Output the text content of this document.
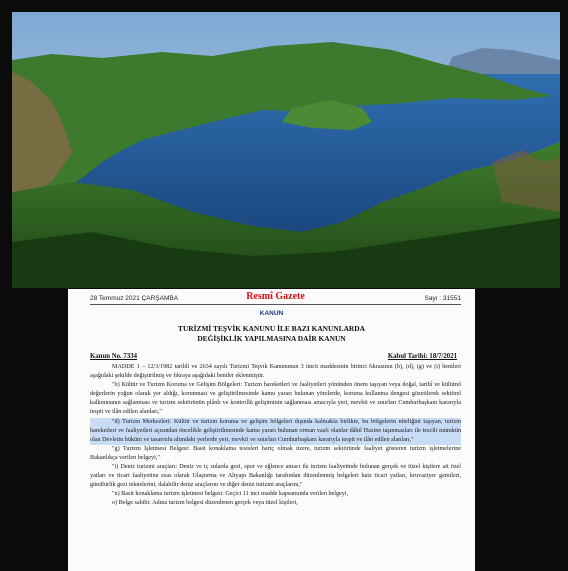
28 Temmuz 2021 ÇARŞAMBA	Resmî Gazete	Sayı : 31551
KANUN
TURİZMİ TEŞVİK KANUNU İLE BAZI KANUNLARDA
DEĞİŞİKLİK YAPILMASINA DAİR KANUN
Kanun No. 7334	Kabul Tarihi: 18/7/2021

MADDE 1 – 12/3/1982 tarihli ve 2634 sayılı Turizmi Teşvik Kanununun 3 üncü maddesinin birinci fıkrasının (b), (d), (g) ve (i) bentleri aşağıdaki şekilde değiştirilmiş ve fıkraya aşağıdaki bentler eklenmiştir.

"b) Kültür ve Turizm Koruma ve Gelişim Bölgeleri: Turizm hareketleri ve faaliyetleri yönünden önem taşıyan veya doğal, tarihî ve kültürel değerlerin yoğun olarak yer aldığı, korunması ve geliştirilmesinde kamu yararı bulunan yörelerde, koruma kullanma dengesi gözetilerek sektörel kalkınmanın sağlanması ve turizm sektörünün plânlı ve kontrollü gelişiminin sağlanması amacıyla yeri, mevkii ve sınırları Cumhurbaşkanı kararıyla tespit ve ilân edilen alanları,"

"d) Turizm Merkezleri: Kültür ve turizm koruma ve gelişim bölgeleri dışında kalmakla birlikte, bu bölgelerin niteliğini taşıyan, turizm hareketleri ve faaliyetleri açısından öncelikle geliştirilmesinde kamu yararı bulunan orman vasfı olanlar dâhil Hazine taşınmazları ile tescili mümkün olan Devletin hüküm ve tasarrufu altındaki yerlerde yeri, mevkii ve sınırları Cumhurbaşkanı kararıyla tespit ve ilân edilen alanları,"

"g) Turizm İşletmesi Belgesi: Basit konaklama tesisleri hariç olmak üzere, turizm sektöründe faaliyet gösteren turizm işletmelerine Bakanlıkça verilen belgeyi,"

"i) Deniz turizmi araçları: Deniz ve iç sularda gezi, spor ve eğlence amacı ile turizm faaliyetinde bulunan gerçek ve tüzel kişilere ait özel yatları ve ticari faaliyetine esas olarak Ulaştırma ve Altyapı Bakanlığı tarafından düzenlenmiş belgeleri haiz ticari yatları, kruvaziyer gemileri, günübirlik gezi teknelerini, dalabilir deniz araçlarını ve diğer deniz turizmi araçlarını,"

"n) Basit konaklama turizm işletmesi belgesi: Geçici 11 inci madde kapsamında verilen belgeyi,

o) Belge sahibi: Adına turizm belgesi düzenlenen gerçek veya tüzel kişileri,
